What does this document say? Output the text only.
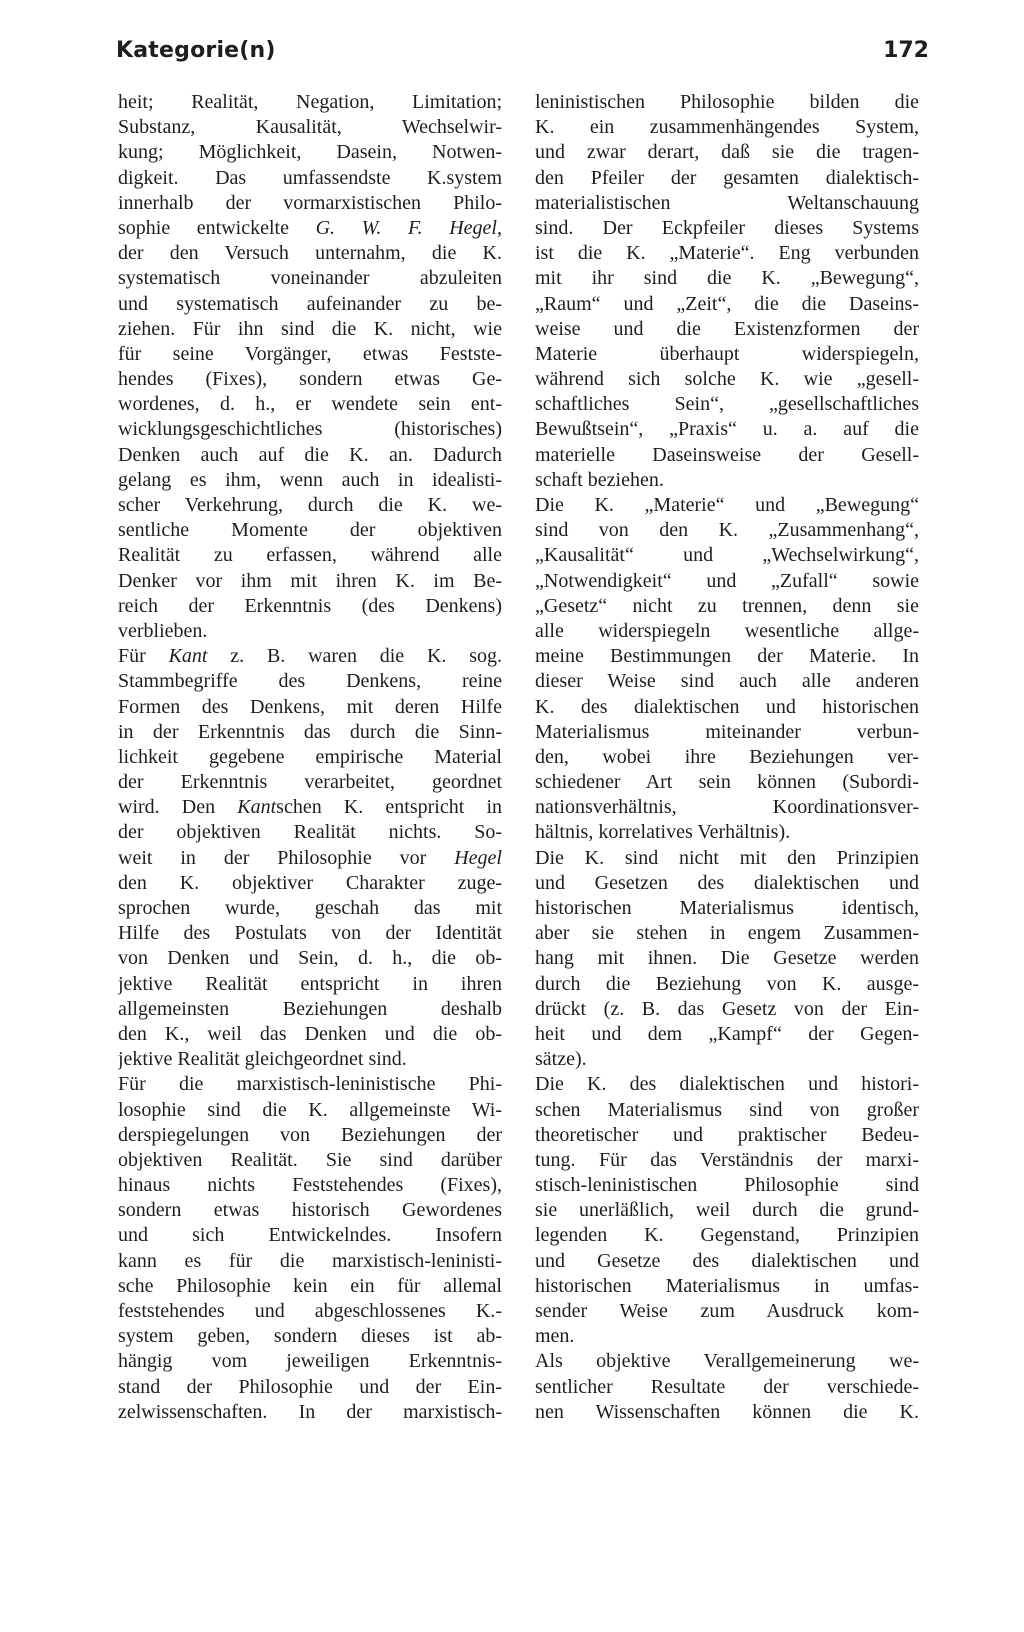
Kategorie(n)	172
heit; Realität, Negation, Limitation;
Substanz, Kausalität, Wechselwir-
kung; Möglichkeit, Dasein, Notwen-
digkeit. Das umfassendste K.system
innerhalb der vormarxistischen Philo-
sophie entwickelte G. W. F. Hegel,
der den Versuch unternahm, die K.
systematisch voneinander abzuleiten
und systematisch aufeinander zu be-
ziehen. Für ihn sind die K. nicht, wie
für seine Vorgänger, etwas Festste-
hendes (Fixes), sondern etwas Ge-
wordenes, d. h., er wendete sein ent-
wicklungsgeschichtliches (historisches)
Denken auch auf die K. an. Dadurch
gelang es ihm, wenn auch in idealisti-
scher Verkehrung, durch die K. we-
sentliche Momente der objektiven
Realität zu erfassen, während alle
Denker vor ihm mit ihren K. im Be-
reich der Erkenntnis (des Denkens)
verblieben.
Für Kant z. B. waren die K. sog.
Stammbegriffe des Denkens, reine
Formen des Denkens, mit deren Hilfe
in der Erkenntnis das durch die Sinn-
lichkeit gegebene empirische Material
der Erkenntnis verarbeitet, geordnet
wird. Den Kantschen K. entspricht in
der objektiven Realität nichts. So-
weit in der Philosophie vor Hegel
den K. objektiver Charakter zuge-
sprochen wurde, geschah das mit
Hilfe des Postulats von der Identität
von Denken und Sein, d. h., die ob-
jektive Realität entspricht in ihren
allgemeinsten Beziehungen deshalb
den K., weil das Denken und die ob-
jektive Realität gleichgeordnet sind.
Für die marxistisch-leninistische Phi-
losophie sind die K. allgemeinste Wi-
derspiegelungen von Beziehungen der
objektiven Realität. Sie sind darüber
hinaus nichts Feststehendes (Fixes),
sondern etwas historisch Gewordenes
und sich Entwickelndes. Insofern
kann es für die marxistisch-leninisti-
sche Philosophie kein ein für allemal
feststehendes und abgeschlossenes K.-
system geben, sondern dieses ist ab-
hängig vom jeweiligen Erkenntnis-
stand der Philosophie und der Ein-
zelwissenschaften. In der marxistisch-
leninistischen Philosophie bilden die
K. ein zusammenhängendes System,
und zwar derart, daß sie die tragen-
den Pfeiler der gesamten dialektisch-
materialistischen Weltanschauung
sind. Der Eckpfeiler dieses Systems
ist die K. „Materie“. Eng verbunden
mit ihr sind die K. „Bewegung“,
„Raum“ und „Zeit“, die die Daseins-
weise und die Existenzformen der
Materie überhaupt widerspiegeln,
während sich solche K. wie „gesell-
schaftliches Sein“, „gesellschaftliches
Bewußtsein“, „Praxis“ u. a. auf die
materielle Daseinsweise der Gesell-
schaft beziehen.
Die K. „Materie“ und „Bewegung“
sind von den K. „Zusammenhang“,
„Kausalität“ und „Wechselwirkung“,
„Notwendigkeit“ und „Zufall“ sowie
„Gesetz“ nicht zu trennen, denn sie
alle widerspiegeln wesentliche allge-
meine Bestimmungen der Materie. In
dieser Weise sind auch alle anderen
K. des dialektischen und historischen
Materialismus miteinander verbun-
den, wobei ihre Beziehungen ver-
schiedener Art sein können (Subordi-
nationsverhältnis, Koordinationsver-
hältnis, korrelatives Verhältnis).
Die K. sind nicht mit den Prinzipien
und Gesetzen des dialektischen und
historischen Materialismus identisch,
aber sie stehen in engem Zusammen-
hang mit ihnen. Die Gesetze werden
durch die Beziehung von K. ausge-
drückt (z. B. das Gesetz von der Ein-
heit und dem „Kampf“ der Gegen-
sätze).
Die K. des dialektischen und histori-
schen Materialismus sind von großer
theoretischer und praktischer Bedeu-
tung. Für das Verständnis der marxi-
stisch-leninistischen Philosophie sind
sie unerläßlich, weil durch die grund-
legenden K. Gegenstand, Prinzipien
und Gesetze des dialektischen und
historischen Materialismus in umfas-
sender Weise zum Ausdruck kom-
men.
Als objektive Verallgemeinerung we-
sentlicher Resultate der verschiede-
nen Wissenschaften können die K.
